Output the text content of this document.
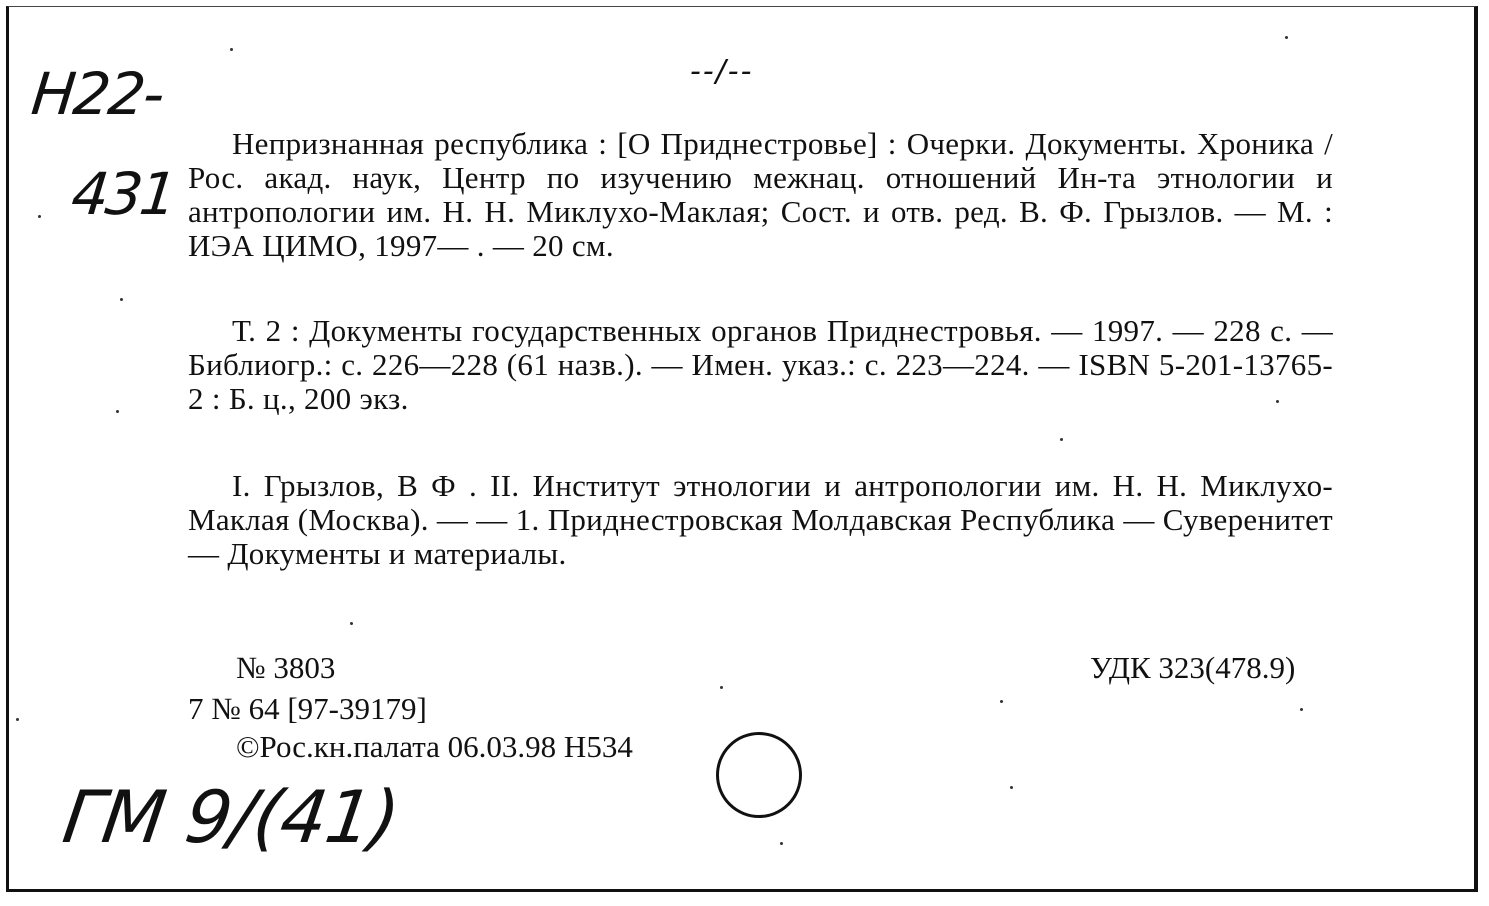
Н22-
431
--/--
Непризнанная республика : [О Приднестровье] : Очерки. Документы. Хроника / Рос. акад. наук, Центр по изучению межнац. отношений Ин-та этнологии и антропологии им. Н. Н. Миклухо-Маклая; Сост. и отв. ред. В. Ф. Грызлов. — М. : ИЭА ЦИМО, 1997— . — 20 см.
Т. 2 : Документы государственных органов Приднестровья. — 1997. — 228 с. — Библиогр.: с. 226—228 (61 назв.). — Имен. указ.: с. 223—224. — ISBN 5-201-13765-2 : Б. ц., 200 экз.
I. Грызлов, В Ф . II. Институт этнологии и антропологии им. Н. Н. Миклухо-Маклая (Москва). — — 1. Приднестровская Молдавская Республика — Суверенитет — Документы и материалы.
№ 3803	УДК 323(478.9)
7 № 64 [97-39179]
©Рос.кн.палата 06.03.98 Н534
ГМ 9/(41)
